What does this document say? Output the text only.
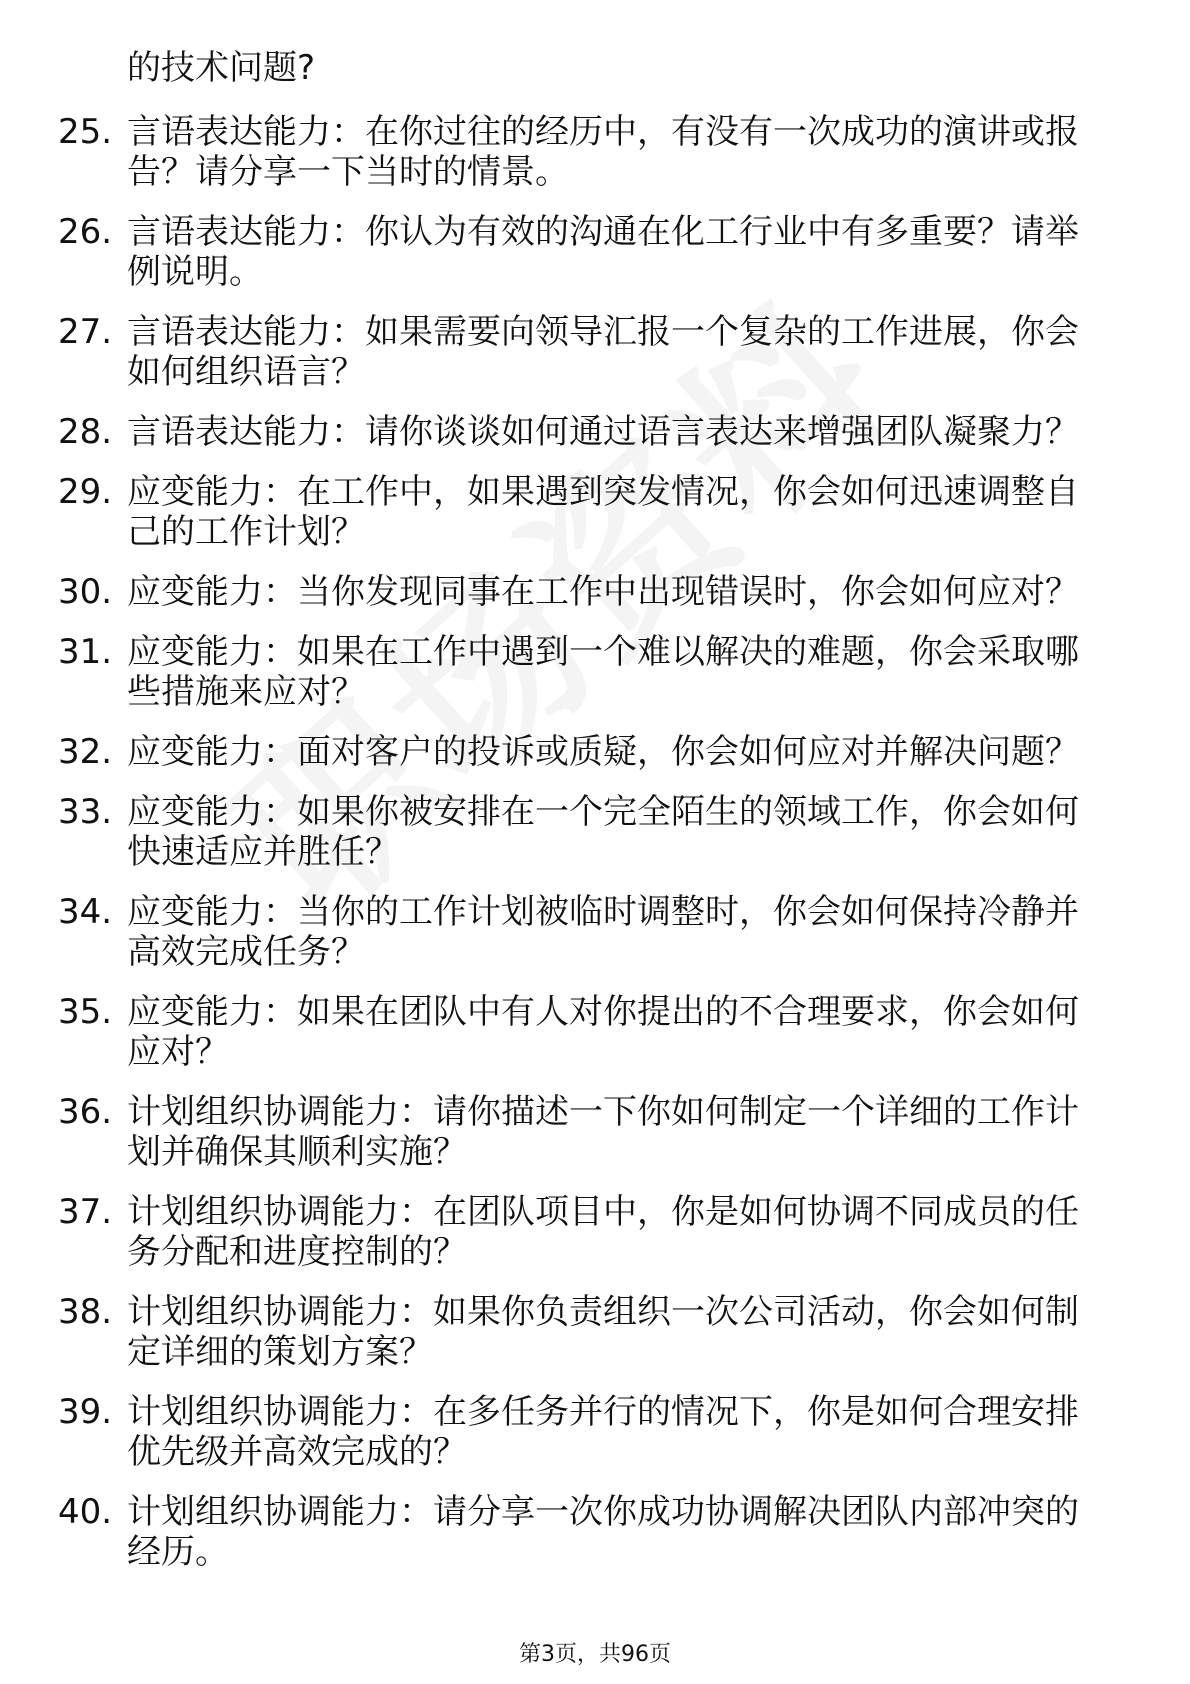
的技术问题?

25. 言语表达能力：在你过往的经历中，有没有一次成功的演讲或报
告？请分享一下当时的情景。
26. 言语表达能力：你认为有效的沟通在化工行业中有多重要？请举
例说明。
27. 言语表达能力：如果需要向领导汇报一个复杂的工作进展，你会
如何组织语言？
28. 言语表达能力：请你谈谈如何通过语言表达来增强团队凝聚力？
29. 应变能力：在工作中，如果遇到突发情况，你会如何迅速调整自
己的工作计划？
30. 应变能力：当你发现同事在工作中出现错误时，你会如何应对？
31. 应变能力：如果在工作中遇到一个难以解决的难题，你会采取哪
些措施来应对？
32. 应变能力：面对客户的投诉或质疑，你会如何应对并解决问题？
33. 应变能力：如果你被安排在一个完全陌生的领域工作，你会如何
快速适应并胜任？
34. 应变能力：当你的工作计划被临时调整时，你会如何保持冷静并
高效完成任务？
35. 应变能力：如果在团队中有人对你提出的不合理要求，你会如何
应对？
36. 计划组织协调能力：请你描述一下你如何制定一个详细的工作计
划并确保其顺利实施？
37. 计划组织协调能力：在团队项目中，你是如何协调不同成员的任
务分配和进度控制的？
38. 计划组织协调能力：如果你负责组织一次公司活动，你会如何制
定详细的策划方案？
39. 计划组织协调能力：在多任务并行的情况下，你是如何合理安排
优先级并高效完成的？
40. 计划组织协调能力：请分享一次你成功协调解决团队内部冲突的
经历。
第3页，共96页
